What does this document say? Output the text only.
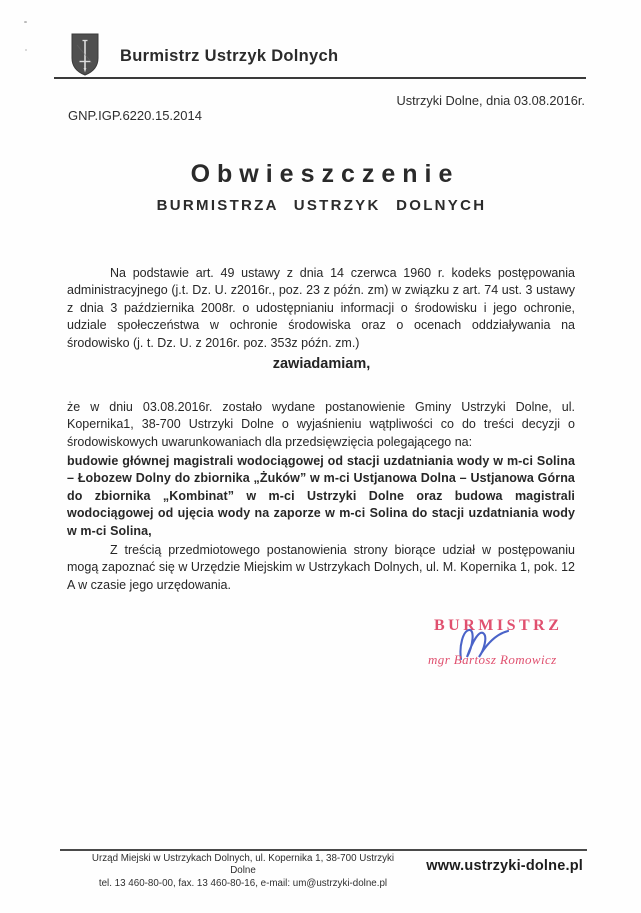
Burmistrz Ustrzyk Dolnych
Ustrzyki Dolne, dnia 03.08.2016r.
GNP.IGP.6220.15.2014
Obwieszczenie
BURMISTRZA USTRZYK DOLNYCH

Na podstawie art. 49 ustawy z dnia 14 czerwca 1960 r. kodeks postępowania administracyjnego (j.t. Dz. U. z2016r., poz. 23 z późn. zm) w związku z art. 74 ust. 3 ustawy z dnia 3 października 2008r. o udostępnianiu informacji o środowisku i jego ochronie, udziale społeczeństwa w ochronie środowiska oraz o ocenach oddziaływania na środowisko (j. t. Dz. U. z 2016r. poz. 353z późn. zm.)

zawiadamiam,

że w dniu 03.08.2016r. zostało wydane postanowienie Gminy Ustrzyki Dolne, ul. Kopernika1, 38-700 Ustrzyki Dolne o wyjaśnieniu wątpliwości co do treści decyzji o środowiskowych uwarunkowaniach dla przedsięwzięcia polegającego na:

budowie głównej magistrali wodociągowej od stacji uzdatniania wody w m-ci Solina – Łobozew Dolny do zbiornika „Żuków” w m-ci Ustjanowa Dolna – Ustjanowa Górna do zbiornika „Kombinat” w m-ci Ustrzyki Dolne oraz budowa magistrali wodociągowej od ujęcia wody na zaporze w m-ci Solina do stacji uzdatniania wody w m-ci Solina,

Z treścią przedmiotowego postanowienia strony biorące udział w postępowaniu mogą zapoznać się w Urzędzie Miejskim w Ustrzykach Dolnych, ul. M. Kopernika 1, pok. 12 A w czasie jego urzędowania.

BURMISTRZ
mgr Bartosz Romowicz
Urząd Miejski w Ustrzykach Dolnych, ul. Kopernika 1, 38-700 Ustrzyki Dolne
tel. 13 460-80-00, fax. 13 460-80-16, e-mail: um@ustrzyki-dolne.pl
www.ustrzyki-dolne.pl
